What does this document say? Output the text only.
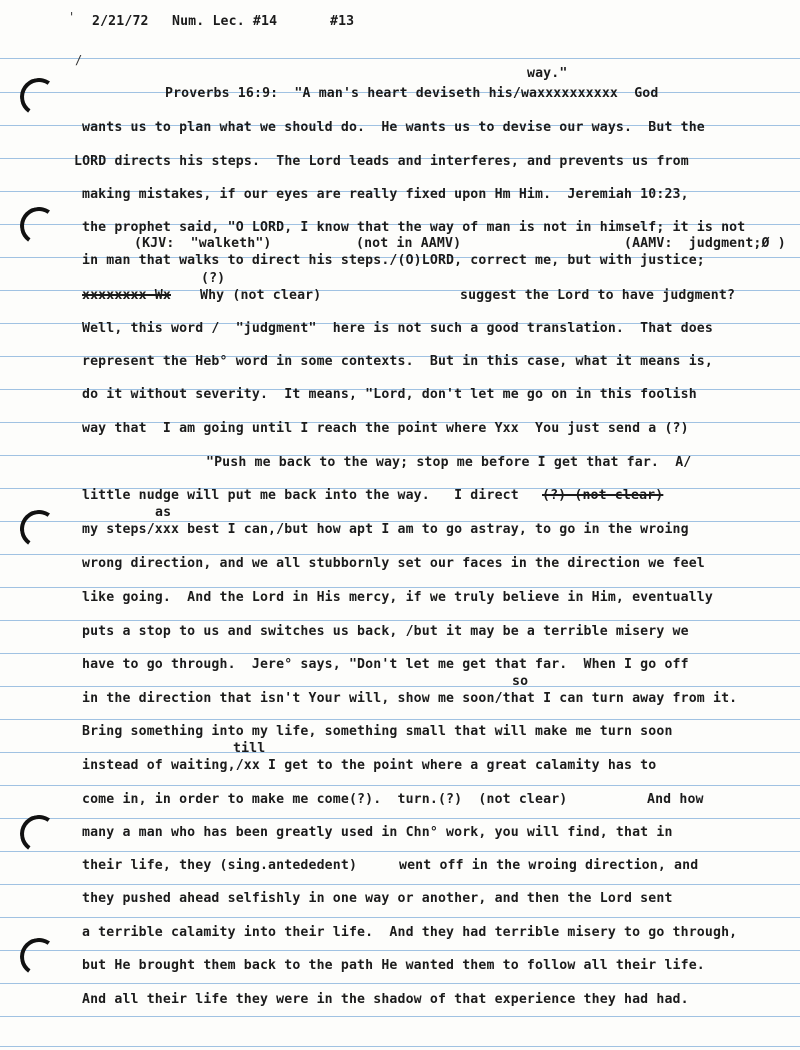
'
/
2/21/72 Num. Lec. #14	#13
way."
Proverbs 16:9:  "A man's heart deviseth his/waxxxxxxxxxx  God
wants us to plan what we should do.  He wants us to devise our ways.  But the
LORD directs his steps.  The Lord leads and interferes, and prevents us from
making mistakes, if our eyes are really fixed upon Hm Him.  Jeremiah 10:23,
the prophet said, "O LORD, I know that the way of man is not in himself; it is not
(KJV:  "walketh")	(not in AAMV)	(AAMV:  judgment;Ø )
in man that walks to direct his steps./(O)LORD, correct me, but with justice;
(?)
xxxxxxxx Wx Why (not clear)	suggest the Lord to have judgment?
Well, this word /  "judgment"  here is not such a good translation.  That does
represent the Heb° word in some contexts.  But in this case, what it means is,
do it without severity.  It means, "Lord, don't let me go on in this foolish
way that  I am going until I reach the point where Yxx  You just send a (?)
"Push me back to the way; stop me before I get that far.  A/
little nudge will put me back into the way.   I direct (?) (not clear)
as
my steps/xxx best I can,/but how apt I am to go astray, to go in the wroing
wrong direction, and we all stubbornly set our faces in the direction we feel
like going.  And the Lord in His mercy, if we truly believe in Him, eventually
puts a stop to us and switches us back, /but it may be a terrible misery we
have to go through.  Jere° says, "Don't let me get that far.  When I go off
so
in the direction that isn't Your will, show me soon/that I can turn away from it.
Bring something into my life, something small that will make me turn soon
till
instead of waiting,/xx I get to the point where a great calamity has to
come in, in order to make me come(?).  turn.(?)  (not clear)	And how
many a man who has been greatly used in Chn° work, you will find, that in
their life, they (sing.antededent)	went off in the wroing direction, and
they pushed ahead selfishly in one way or another, and then the Lord sent
a terrible calamity into their life.  And they had terrible misery to go through,
but He brought them back to the path He wanted them to follow all their life.
And all their life they were in the shadow of that experience they had had.
